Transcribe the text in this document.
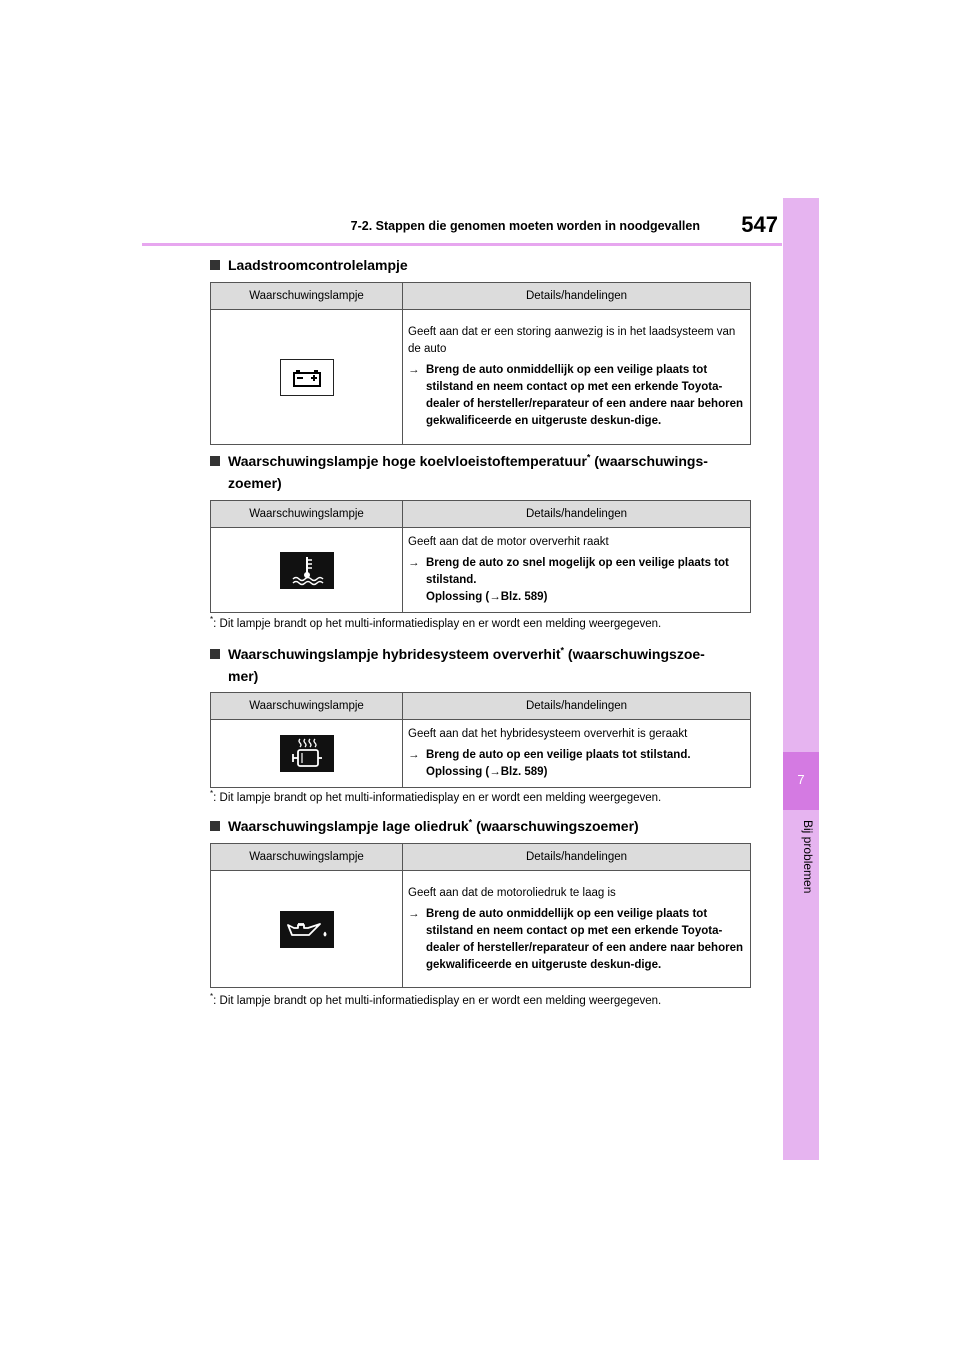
7-2. Stappen die genomen moeten worden in noodgevallen 547
7
Bij problemen
Laadstroomcontrolelampje
Waarschuwingslampje	Details/handelingen

Geeft aan dat er een storing aanwezig is in het laadsysteem van de auto

→ Breng de auto onmiddellijk op een veilige plaats tot stilstand en neem contact op met een erkende Toyota-dealer of hersteller/reparateur of een andere naar behoren gekwalificeerde en uitgeruste deskun-dige.
Waarschuwingslampje hoge koelvloeistoftemperatuur* (waarschuwings-
zoemer)
Waarschuwingslampje	Details/handelingen

Geeft aan dat de motor oververhit raakt

→ Breng de auto zo snel mogelijk op een veilige plaats tot stilstand.
Oplossing (→Blz. 589)
*: Dit lampje brandt op het multi-informatiedisplay en er wordt een melding weergegeven.
Waarschuwingslampje hybridesysteem oververhit* (waarschuwingszoe-
mer)
Waarschuwingslampje	Details/handelingen

Geeft aan dat het hybridesysteem oververhit is geraakt

→ Breng de auto op een veilige plaats tot stilstand.
Oplossing (→Blz. 589)
*: Dit lampje brandt op het multi-informatiedisplay en er wordt een melding weergegeven.
Waarschuwingslampje lage oliedruk* (waarschuwingszoemer)
Waarschuwingslampje	Details/handelingen

Geeft aan dat de motoroliedruk te laag is

→ Breng de auto onmiddellijk op een veilige plaats tot stilstand en neem contact op met een erkende Toyota-dealer of hersteller/reparateur of een andere naar behoren gekwalificeerde en uitgeruste deskun-dige.
*: Dit lampje brandt op het multi-informatiedisplay en er wordt een melding weergegeven.
